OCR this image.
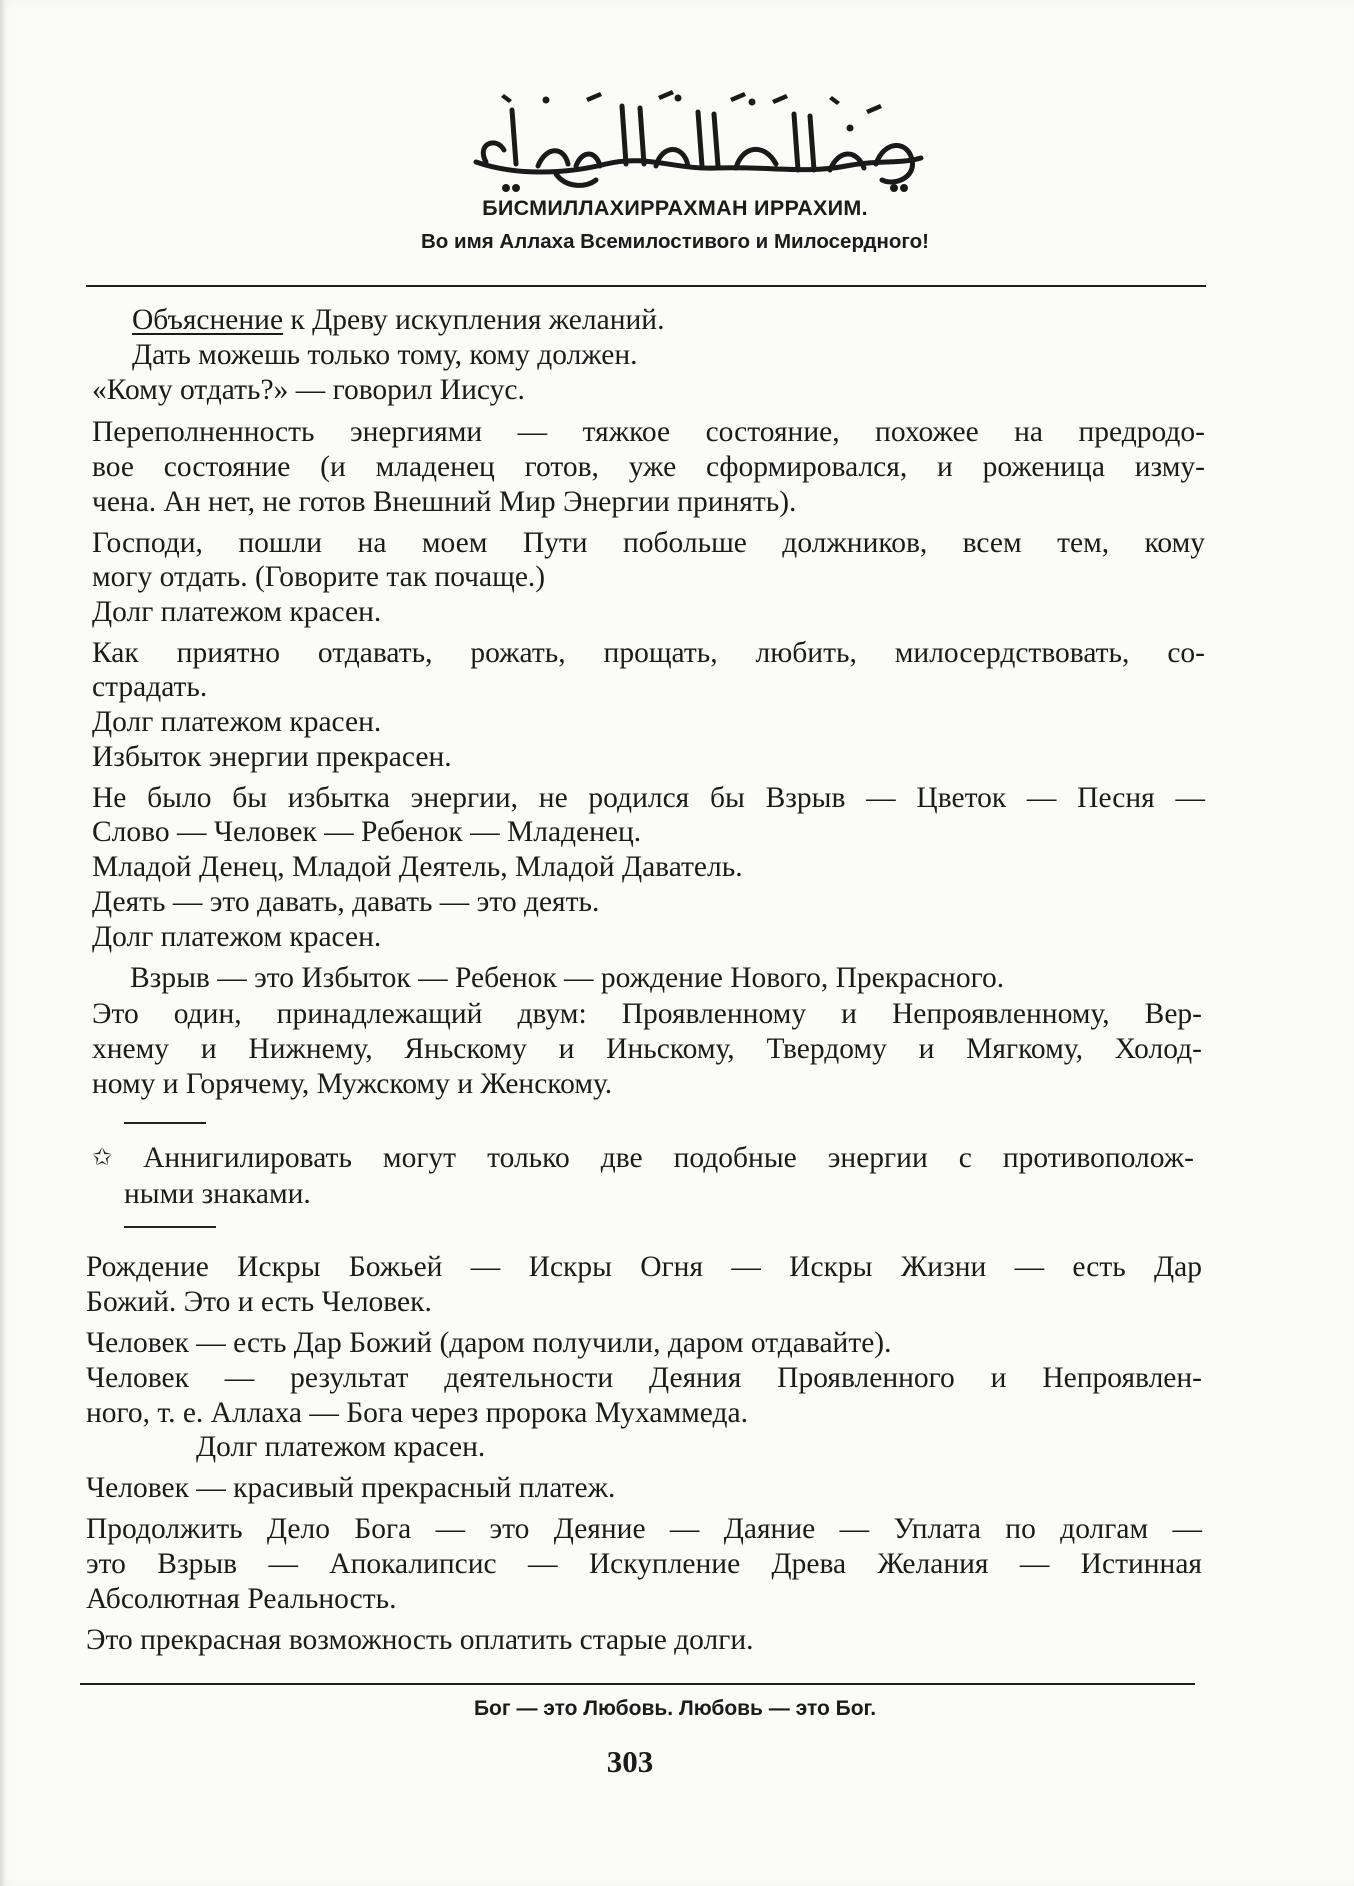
БИСМИЛЛАХИРРАХМАН ИРРАХИМ.
Во имя Аллаха Всемилостивого и Милосердного!
Объяснение к Древу искупления желаний.
Дать можешь только тому, кому должен.
«Кому отдать?» — говорил Иисус.
Переполненность энергиями — тяжкое состояние, похожее на предродо-
вое состояние (и младенец готов, уже сформировался, и роженица изму-
чена. Ан нет, не готов Внешний Мир Энергии принять).
Господи, пошли на моем Пути побольше должников, всем тем, кому
могу отдать. (Говорите так почаще.)
Долг платежом красен.
Как приятно отдавать, рожать, прощать, любить, милосердствовать, со-
страдать.
Долг платежом красен.
Избыток энергии прекрасен.
Не было бы избытка энергии, не родился бы Взрыв — Цветок — Песня —
Слово — Человек — Ребенок — Младенец.
Младой Денец, Младой Деятель, Младой Даватель.
Деять — это давать, давать — это деять.
Долг платежом красен.
Взрыв — это Избыток — Ребенок — рождение Нового, Прекрасного.
Это один, принадлежащий двум: Проявленному и Непроявленному, Вер-
хнему и Нижнему, Яньскому и Иньскому, Твердому и Мягкому, Холод-
ному и Горячему, Мужскому и Женскому.
✩ Аннигилировать могут только две подобные энергии с противополож-
ными знаками.
Рождение Искры Божьей — Искры Огня — Искры Жизни — есть Дар
Божий. Это и есть Человек.
Человек — есть Дар Божий (даром получили, даром отдавайте).
Человек — результат деятельности Деяния Проявленного и Непроявлен-
ного, т. е. Аллаха — Бога через пророка Мухаммеда.
Долг платежом красен.
Человек — красивый прекрасный платеж.
Продолжить Дело Бога — это Деяние — Даяние — Уплата по долгам —
это Взрыв — Апокалипсис — Искупление Древа Желания — Истинная
Абсолютная Реальность.
Это прекрасная возможность оплатить старые долги.
Бог — это Любовь. Любовь — это Бог.
303
